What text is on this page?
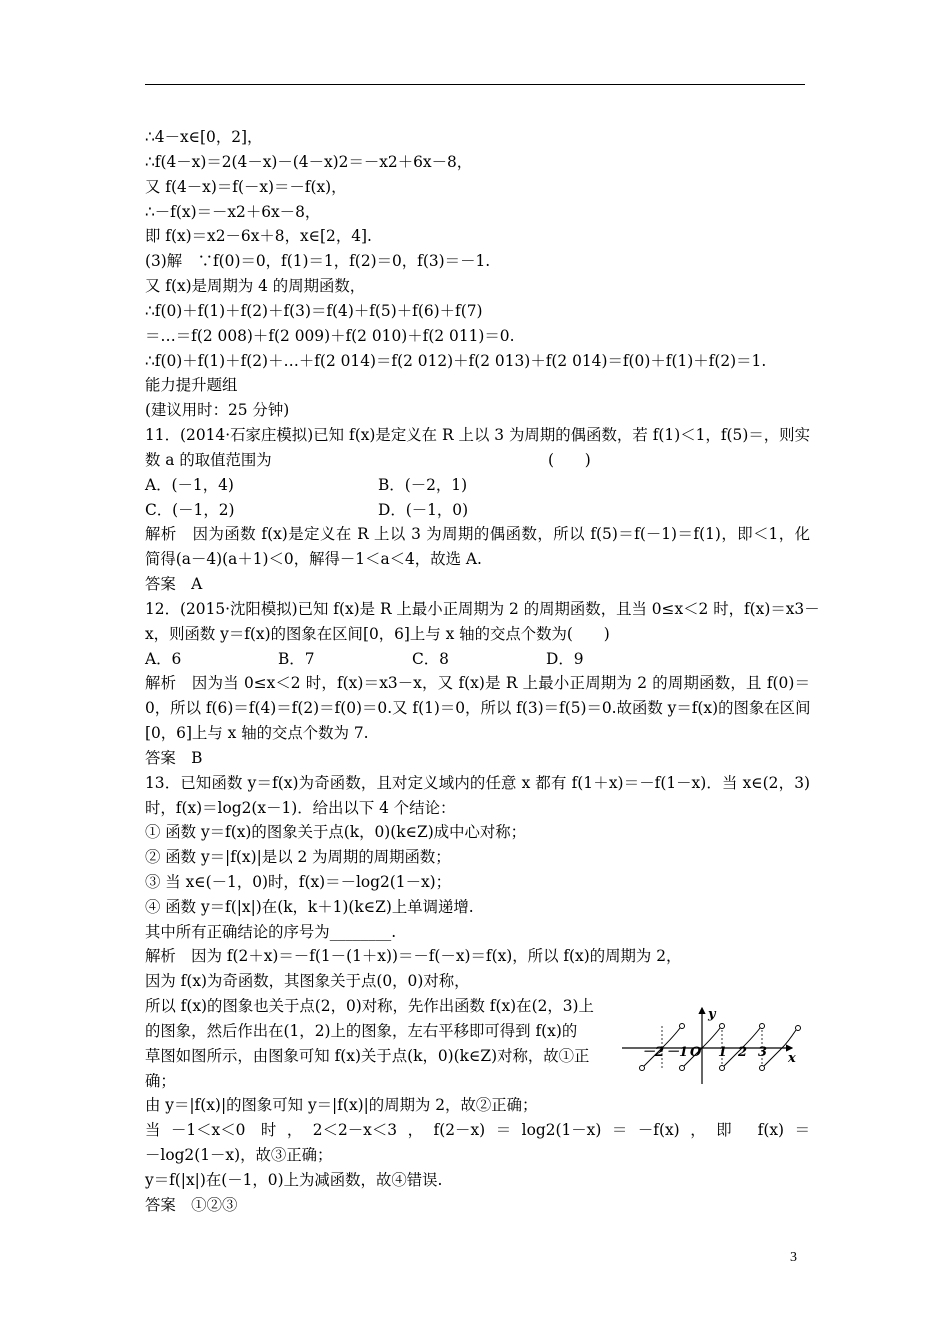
∴4－x∈[0，2]，
∴f(4－x)＝2(4－x)－(4－x)2＝－x2＋6x－8，
又 f(4－x)＝f(－x)＝－f(x)，
∴－f(x)＝－x2＋6x－8，
即 f(x)＝x2－6x＋8，x∈[2，4].
(3)解　∵f(0)＝0，f(1)＝1，f(2)＝0，f(3)＝－1.
又 f(x)是周期为 4 的周期函数，
∴f(0)＋f(1)＋f(2)＋f(3)＝f(4)＋f(5)＋f(6)＋f(7)
＝…＝f(2 008)＋f(2 009)＋f(2 010)＋f(2 011)＝0.
∴f(0)＋f(1)＋f(2)＋…＋f(2 014)＝f(2 012)＋f(2 013)＋f(2 014)＝f(0)＋f(1)＋f(2)＝1.
能力提升题组
(建议用时：25 分钟)
11．(2014·石家庄模拟)已知 f(x)是定义在 R 上以 3 为周期的偶函数，若 f(1)＜1，f(5)＝，则实
数 a 的取值范围为	(　　)
A．(－1，4)	B．(－2，1)
C．(－1，2)	D．(－1，0)
解析　因为函数 f(x)是定义在 R 上以 3 为周期的偶函数，所以 f(5)＝f(－1)＝f(1)，即＜1，化
简得(a－4)(a＋1)＜0，解得－1＜a＜4，故选 A.
答案　A
12．(2015·沈阳模拟)已知 f(x)是 R 上最小正周期为 2 的周期函数，且当 0≤x＜2 时，f(x)＝x3－
x，则函数 y＝f(x)的图象在区间[0，6]上与 x 轴的交点个数为(　　)
A．6	B．7	C．8	D．9
解析　因为当 0≤x＜2 时，f(x)＝x3－x，又 f(x)是 R 上最小正周期为 2 的周期函数，且 f(0)＝
0，所以 f(6)＝f(4)＝f(2)＝f(0)＝0.又 f(1)＝0，所以 f(3)＝f(5)＝0.故函数 y＝f(x)的图象在区间
[0，6]上与 x 轴的交点个数为 7.
答案　B
13．已知函数 y＝f(x)为奇函数，且对定义域内的任意 x 都有 f(1＋x)＝－f(1－x)．当 x∈(2，3)
时，f(x)＝log2(x－1)．给出以下 4 个结论：
① 函数 y＝f(x)的图象关于点(k，0)(k∈Z)成中心对称；
② 函数 y＝|f(x)|是以 2 为周期的周期函数；
③ 当 x∈(－1，0)时，f(x)＝－log2(1－x)；
④ 函数 y＝f(|x|)在(k，k＋1)(k∈Z)上单调递增.
其中所有正确结论的序号为________.
解析　因为 f(2＋x)＝－f(1－(1＋x))＝－f(－x)＝f(x)，所以 f(x)的周期为 2，
因为 f(x)为奇函数，其图象关于点(0，0)对称，
所以 f(x)的图象也关于点(2，0)对称，先作出函数 f(x)在(2，3)上
的图象，然后作出在(1，2)上的图象，左右平移即可得到 f(x)的
草图如图所示，由图象可知 f(x)关于点(k，0)(k∈Z)对称，故①正
确；
由 y＝|f(x)|的图象可知 y＝|f(x)|的周期为 2，故②正确；
当－1＜x＜0 时，2＜2－x＜3，f(2－x)＝log2(1－x)＝－f(x)，即 f(x)＝
－log2(1－x)，故③正确；
y＝f(|x|)在(－1，0)上为减函数，故④错误.
答案　①②③
y
x
O
－2 －1 1 2 3
3
